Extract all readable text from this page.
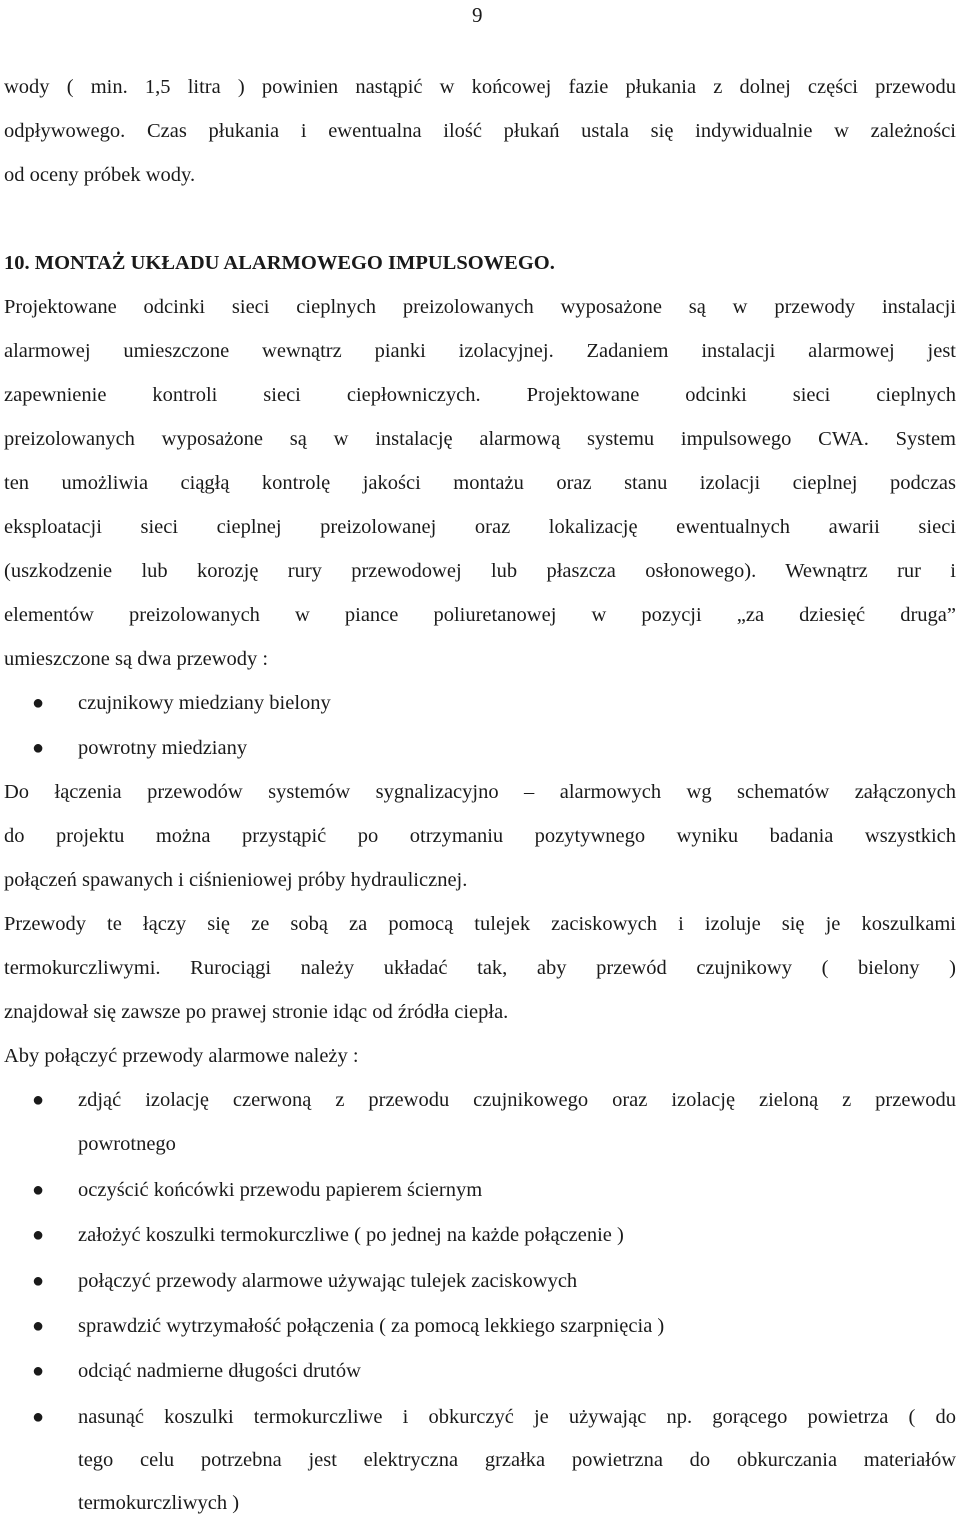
9
wody ( min. 1,5 litra ) powinien nastąpić w końcowej fazie płukania z dolnej części przewodu
odpływowego. Czas płukania i ewentualna ilość płukań ustala się indywidualnie w zależności
od oceny próbek wody.
10. MONTAŻ UKŁADU ALARMOWEGO IMPULSOWEGO.
Projektowane odcinki sieci cieplnych preizolowanych wyposażone są w przewody instalacji
alarmowej umieszczone wewnątrz pianki izolacyjnej. Zadaniem instalacji alarmowej jest
zapewnienie kontroli sieci ciepłowniczych. Projektowane odcinki sieci cieplnych
preizolowanych wyposażone są w instalację alarmową systemu impulsowego CWA. System
ten umożliwia ciągłą kontrolę jakości montażu oraz stanu izolacji cieplnej podczas
eksploatacji sieci cieplnej preizolowanej oraz lokalizację ewentualnych awarii sieci
(uszkodzenie lub korozję rury przewodowej lub płaszcza osłonowego). Wewnątrz rur i
elementów preizolowanych w piance poliuretanowej w pozycji „za dziesięć druga”
umieszczone są dwa przewody :
● czujnikowy miedziany bielony
● powrotny miedziany
Do łączenia przewodów systemów sygnalizacyjno – alarmowych wg schematów załączonych
do projektu można przystąpić po otrzymaniu pozytywnego wyniku badania wszystkich
połączeń spawanych i ciśnieniowej próby hydraulicznej.
Przewody te łączy się ze sobą za pomocą tulejek zaciskowych i izoluje się je koszulkami
termokurczliwymi. Rurociągi należy układać tak, aby przewód czujnikowy ( bielony )
znajdował się zawsze po prawej stronie idąc od źródła ciepła.
Aby połączyć przewody alarmowe należy :
● zdjąć izolację czerwoną z przewodu czujnikowego oraz izolację zieloną z przewodu
powrotnego
● oczyścić końcówki przewodu papierem ściernym
● założyć koszulki termokurczliwe ( po jednej na każde połączenie )
● połączyć przewody alarmowe używając tulejek zaciskowych
● sprawdzić wytrzymałość połączenia ( za pomocą lekkiego szarpnięcia )
● odciąć nadmierne długości drutów
● nasunąć koszulki termokurczliwe i obkurczyć je używając np. gorącego powietrza ( do
tego celu potrzebna jest elektryczna grzałka powietrzna do obkurczania materiałów
termokurczliwych )
